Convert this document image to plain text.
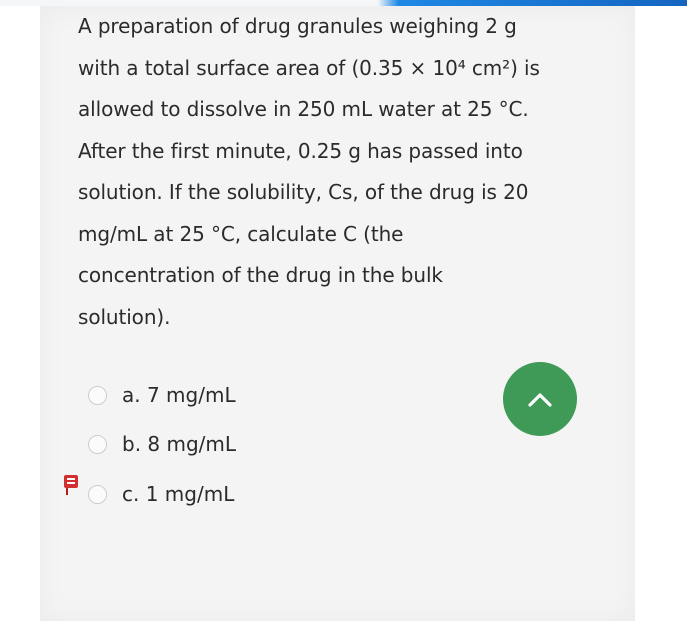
A preparation of drug granules weighing 2 g
with a total surface area of (0.35 × 10⁴ cm²) is
allowed to dissolve in 250 mL water at 25 °C.
After the first minute, 0.25 g has passed into
solution. If the solubility, Cs, of the drug is 20
mg/mL at 25 °C, calculate C (the
concentration of the drug in the bulk
solution).
a. 7 mg/mL
b. 8 mg/mL
c. 1 mg/mL
